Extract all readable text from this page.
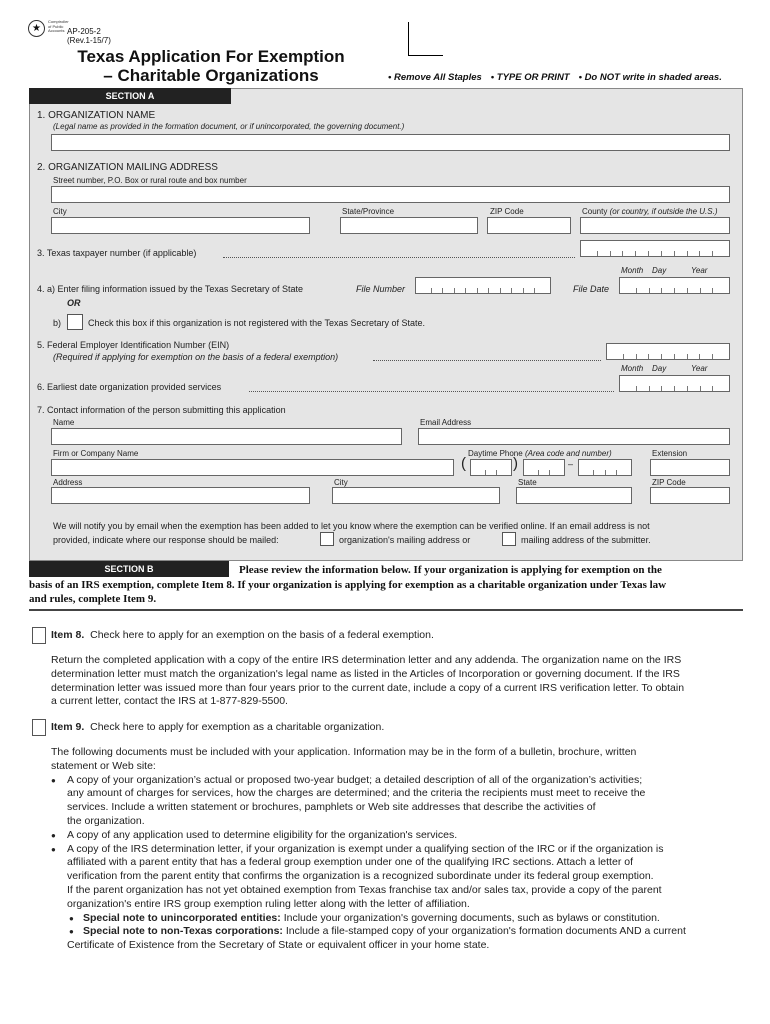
★
Comptroller of Public Accounts AP-205-2
(Rev.1-15/7)
Texas Application For Exemption
– Charitable Organizations	• Remove All Staples • TYPE OR PRINT • Do NOT write in shaded areas.
SECTION A
1. ORGANIZATION NAME
(Legal name as provided in the formation document, or if unincorporated, the governing document.)
2. ORGANIZATION MAILING ADDRESS
Street number, P.O. Box or rural route and box number
City	State/Province	ZIP Code	County (or country, if outside the U.S.)
3. Texas taxpayer number (if applicable)
Month Day	Year
4. a) Enter filing information issued by the Texas Secretary of State	File Number	File Date
OR
b)	Check this box if this organization is not registered with the Texas Secretary of State.
5. Federal Employer Identification Number (EIN)
(Required if applying for exemption on the basis of a federal exemption)
Month Day	Year
6. Earliest date organization provided services
7. Contact information of the person submitting this application
Name	Email Address
Firm or Company Name	Daytime Phone (Area code and number)	Extension
(	)	–
Address	City	State	ZIP Code
We will notify you by email when the exemption has been added to let you know where the exemption can be verified online. If an email address is not
provided, indicate where our response should be mailed:	organization's mailing address or	mailing address of the submitter.
SECTION B	Please review the information below. If your organization is applying for exemption on the
basis of an IRS exemption, complete Item 8. If your organization is applying for exemption as a charitable organization under Texas law
and rules, complete Item 9.
Item 8. Check here to apply for an exemption on the basis of a federal exemption.
Return the completed application with a copy of the entire IRS determination letter and any addenda. The organization name on the IRS
determination letter must match the organization's legal name as listed in the Articles of Incorporation or governing document. If the IRS
determination letter was issued more than four years prior to the current date, include a copy of a current IRS verification letter. To obtain
a current letter, contact the IRS at 1-877-829-5500.
Item 9. Check here to apply for exemption as a charitable organization.
The following documents must be included with your application. Information may be in the form of a bulletin, brochure, written
statement or Web site:
● A copy of your organization’s actual or proposed two-year budget; a detailed description of all of the organization’s activities;
any amount of charges for services, how the charges are determined; and the criteria the recipients must meet to receive the
services. Include a written statement or brochures, pamphlets or Web site addresses that describe the activities of
the organization.
● A copy of any application used to determine eligibility for the organization's services.
● A copy of the IRS determination letter, if your organization is exempt under a qualifying section of the IRC or if the organization is
affiliated with a parent entity that has a federal group exemption under one of the qualifying IRC sections. Attach a letter of
verification from the parent entity that confirms the organization is a recognized subordinate under its federal group exemption.
If the parent organization has not yet obtained exemption from Texas franchise tax and/or sales tax, provide a copy of the parent
organization's entire IRS group exemption ruling letter along with the letter of affiliation.
● Special note to unincorporated entities: Include your organization's governing documents, such as bylaws or constitution.
● Special note to non-Texas corporations: Include a file-stamped copy of your organization's formation documents AND a current
Certificate of Existence from the Secretary of State or equivalent officer in your home state.
